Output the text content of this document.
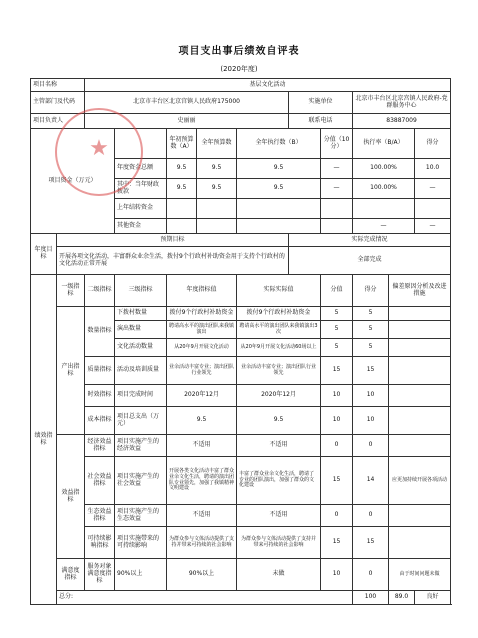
项目支出事后绩效自评表
(2020年度)
项目名称		基层文化活动									
主管部门及代码		北京市丰台区北京宫镇人民政府175000					实施单位		北京市丰台区北京宫镇人民政府-党群服务中心		
项目负责人		史丽丽					联系电话		83887009		
项目资金（万元）				年初预算数（A）	全年预算数	全年执行数（B）		分值（10分）	执行率（B/A）		得分
			年度资金总额	9.5	9.5	9.5		—	100.00%		10.0
			其中：当年财政拨款	9.5	9.5	9.5		—	100.00%		—
			上年结转资金								
			其他资金						—		—
年度目标	预期目标						实际完成情况				
	开展各项文化活动，丰富群众业余生活，拨付9个行政村补助资金用于支持个行政村的文化活动正常开展						全部完成				
绩效指标	一级指标	二级指标	三级指标	年度指标值		实际实际值		分值	得分	偏差原因分析及改进措施	
	产出指标	数量指标	下拨村数量	拨付9个行政村补助资金		拨付9个行政村补助资金		5	5		
			演出数量	聘请高水平的演出团队来我镇演出		聘请高水平的演出团队来我镇演出3次		5	5		
			文化活动数量	从20年9月开展文化活动		从20年9月开展文化活动60场以上		5	5		
		质量指标	活动及培训质量	业余活动丰富专业；演出团队行业领先		业余活动丰富专业；演出团队行业领先		15	15		
		时效指标	项目完成时间	2020年12月		2020年12月		10	10		
		成本指标	项目总支出（万元）	9.5		9.5		10	10		
	效益指标	经济效益指标	项目实施产生的经济效益	不适用		不适用		0	0		
		社会效益指标	项目实施产生的社会效益	开展各类文化活动丰富了群众业余文化生活，聘请的演出团队专业领先，加强了我镇精神文明建设		丰富了群众业余文化生活，聘请了专业的团队演出，加强了群众的文化建设		15	14	应更加持续开展各项活动	
		生态效益指标	项目实施产生的生态效益	不适用		不适用		0	0		
		可持续影响指标	项目实施带来的可持续影响	为群众参与文体活动提供了支持并带来可持续的社会影响		为群众参与文体活动提供了支持并带来可持续的社会影响		15	15		
	满意度指标	服务对象满意度指标	90%以上	90%以上		未做		10	0	由于时间问题未做	
	总分:								100	89.0	良好
★
